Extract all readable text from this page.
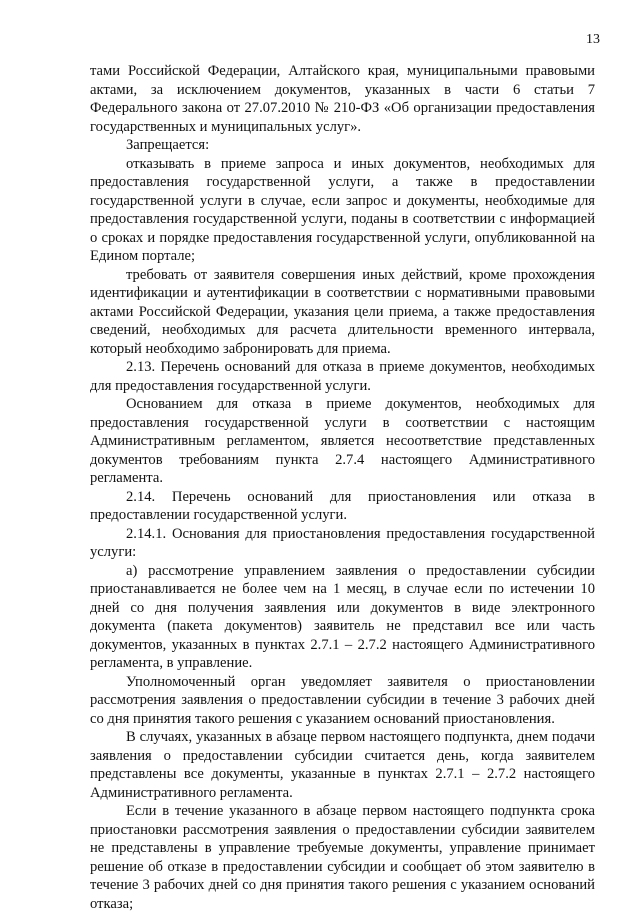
13

тами Российской Федерации, Алтайского края, муниципальными правовыми актами, за исключением документов, указанных в части 6 статьи 7 Федерального закона от 27.07.2010 № 210-ФЗ «Об организации предоставления государственных и муниципальных услуг».

Запрещается:

отказывать в приеме запроса и иных документов, необходимых для предоставления государственной услуги, а также в предоставлении государственной услуги в случае, если запрос и документы, необходимые для предоставления государственной услуги, поданы в соответствии с информацией о сроках и порядке предоставления государственной услуги, опубликованной на Едином портале;

требовать от заявителя совершения иных действий, кроме прохождения идентификации и аутентификации в соответствии с нормативными правовыми актами Российской Федерации, указания цели приема, а также предоставления сведений, необходимых для расчета длительности временного интервала, который необходимо забронировать для приема.

2.13. Перечень оснований для отказа в приеме документов, необходимых для предоставления государственной услуги.

Основанием для отказа в приеме документов, необходимых для предоставления государственной услуги в соответствии с настоящим Административным регламентом, является несоответствие представленных документов требованиям пункта 2.7.4 настоящего Административного регламента.

2.14. Перечень оснований для приостановления или отказа в предоставлении государственной услуги.

2.14.1. Основания для приостановления предоставления государственной услуги:

а) рассмотрение управлением заявления о предоставлении субсидии приостанавливается не более чем на 1 месяц, в случае если по истечении 10 дней со дня получения заявления или документов в виде электронного документа (пакета документов) заявитель не представил все или часть документов, указанных в пунктах 2.7.1 – 2.7.2 настоящего Административного регламента, в управление.

Уполномоченный орган уведомляет заявителя о приостановлении рассмотрения заявления о предоставлении субсидии в течение 3 рабочих дней со дня принятия такого решения с указанием оснований приостановления.

В случаях, указанных в абзаце первом настоящего подпункта, днем подачи заявления о предоставлении субсидии считается день, когда заявителем представлены все документы, указанные в пунктах 2.7.1 – 2.7.2 настоящего Административного регламента.

Если в течение указанного в абзаце первом настоящего подпункта срока приостановки рассмотрения заявления о предоставлении субсидии заявителем не представлены в управление требуемые документы, управление принимает решение об отказе в предоставлении субсидии и сообщает об этом заявителю в течение 3 рабочих дней со дня принятия такого решения с указанием оснований отказа;
